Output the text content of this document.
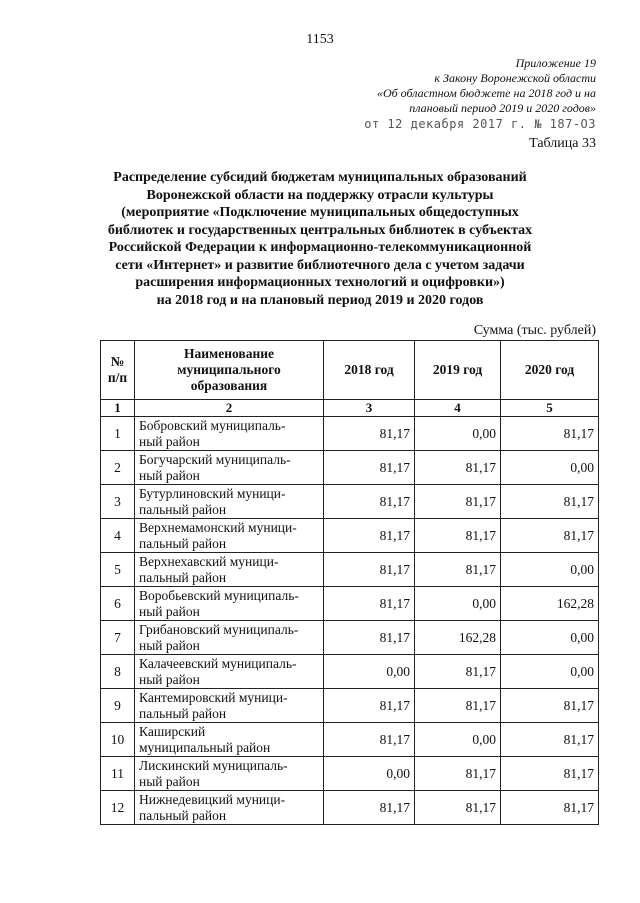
1153
Приложение 19
к Закону Воронежской области
«Об областном бюджете на 2018 год и на
плановый период 2019 и 2020 годов»
от 12 декабря 2017 г. № 187-ОЗ
Таблица 33
Распределение субсидий бюджетам муниципальных образований
Воронежской области на поддержку отрасли культуры
(мероприятие «Подключение муниципальных общедоступных
библиотек и государственных центральных библиотек в субъектах
Российской Федерации к информационно-телекоммуникационной
сети «Интернет» и развитие библиотечного дела с учетом задачи
расширения информационных технологий и оцифровки»)
на 2018 год и на плановый период 2019 и 2020 годов
Сумма (тыс. рублей)
№ п/п	Наименование
муниципального
образования	2018 год	2019 год	2020 год
1	2	3	4	5
1	Бобровский муниципаль-
ный район	81,17	0,00	81,17
2	Богучарский муниципаль-
ный район	81,17	81,17	0,00
3	Бутурлиновский муници-
пальный район	81,17	81,17	81,17
4	Верхнемамонский муници-
пальный район	81,17	81,17	81,17
5	Верхнехавский муници-
пальный район	81,17	81,17	0,00
6	Воробьевский муниципаль-
ный район	81,17	0,00	162,28
7	Грибановский муниципаль-
ный район	81,17	162,28	0,00
8	Калачеевский муниципаль-
ный район	0,00	81,17	0,00
9	Кантемировский муници-
пальный район	81,17	81,17	81,17
10	Каширский
муниципальный район	81,17	0,00	81,17
11	Лискинский муниципаль-
ный район	0,00	81,17	81,17
12	Нижнедевицкий муници-
пальный район	81,17	81,17	81,17
